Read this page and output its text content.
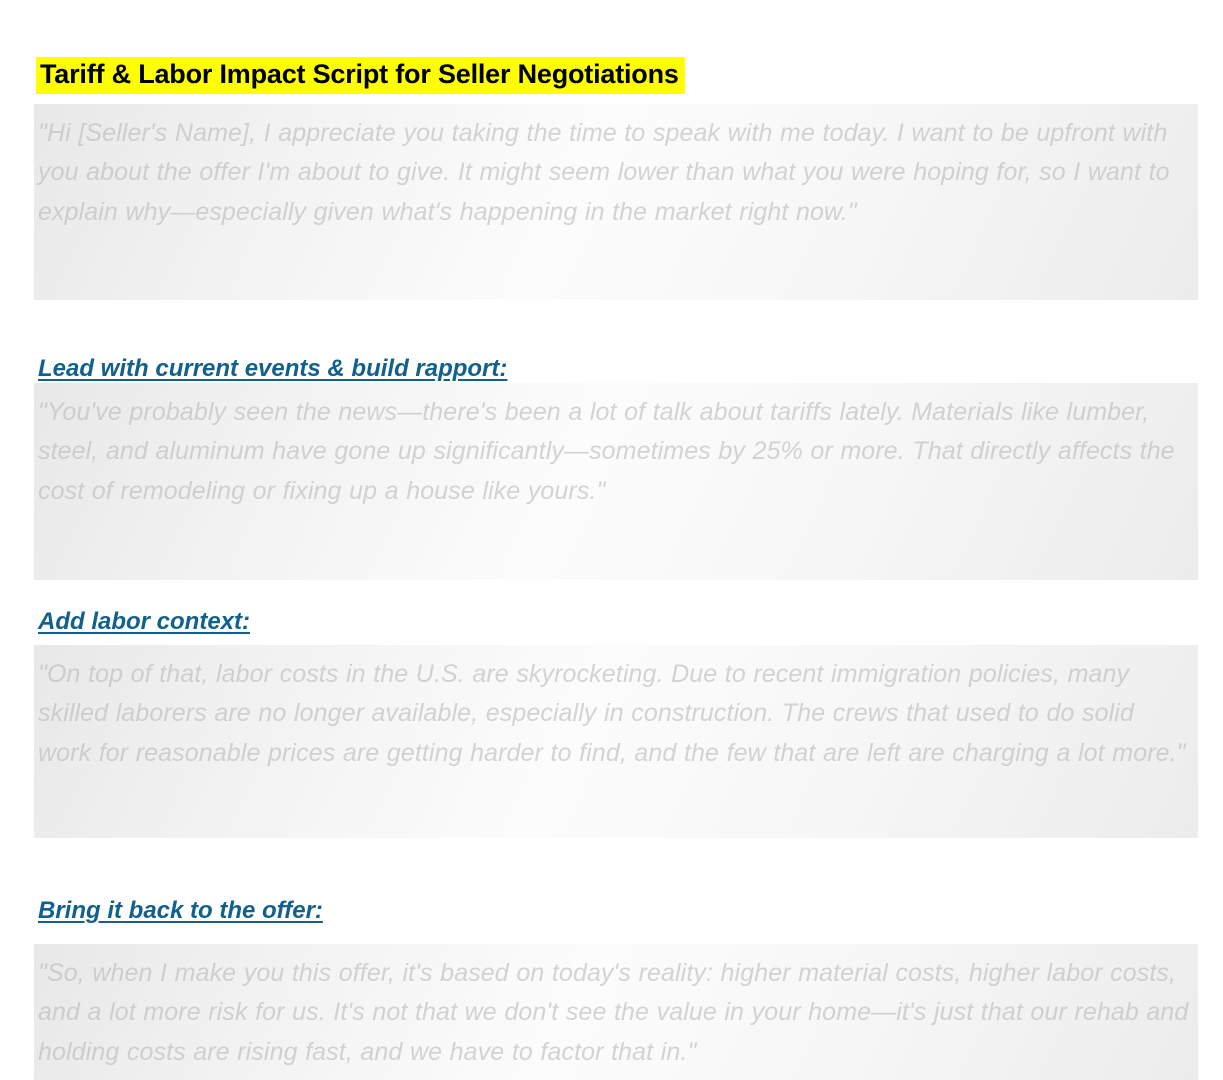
Tariff & Labor Impact Script for Seller Negotiations
"Hi [Seller's Name], I appreciate you taking the time to speak with me today. I want to be upfront with you about the offer I'm about to give. It might seem lower than what you were hoping for, so I want to explain why—especially given what's happening in the market right now."
Lead with current events & build rapport:
"You've probably seen the news—there's been a lot of talk about tariffs lately. Materials like lumber, steel, and aluminum have gone up significantly—sometimes by 25% or more. That directly affects the cost of remodeling or fixing up a house like yours."
Add labor context:
"On top of that, labor costs in the U.S. are skyrocketing. Due to recent immigration policies, many skilled laborers are no longer available, especially in construction. The crews that used to do solid work for reasonable prices are getting harder to find, and the few that are left are charging a lot more."
Bring it back to the offer:
"So, when I make you this offer, it's based on today's reality: higher material costs, higher labor costs, and a lot more risk for us. It's not that we don't see the value in your home—it's just that our rehab and holding costs are rising fast, and we have to factor that in."
